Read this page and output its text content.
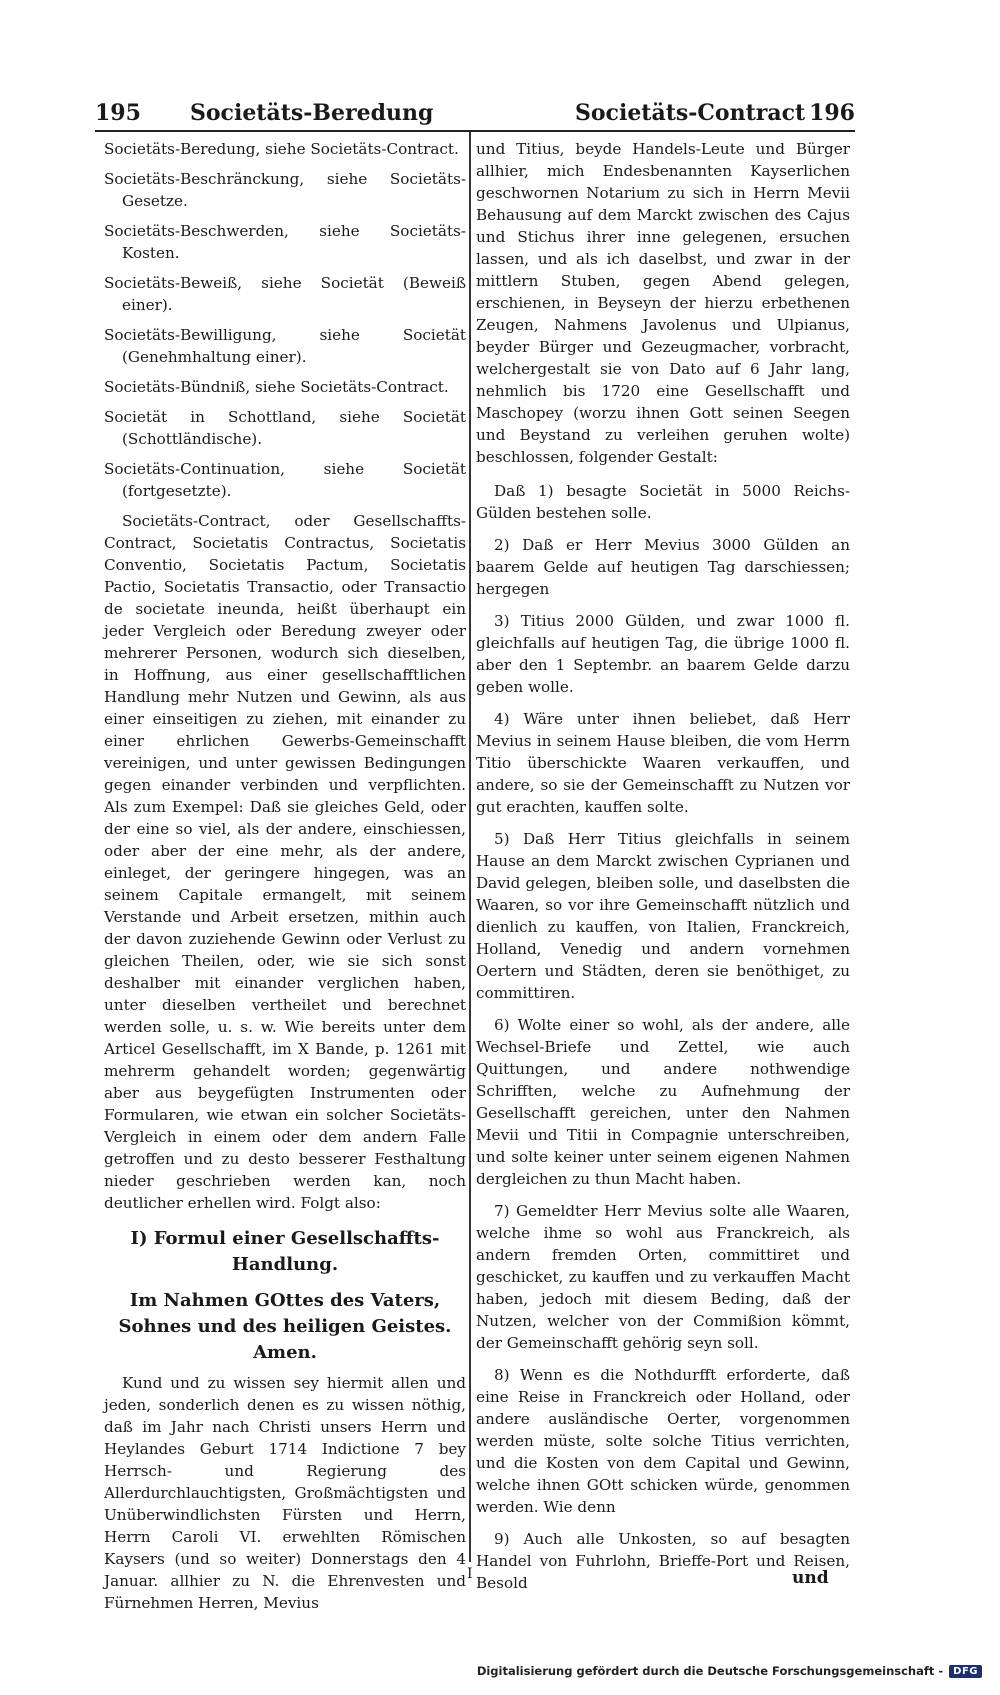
195 Societäts-Beredung	Societäts-Contract 196

Societäts-Beredung, siehe Societäts-Contract.

Societäts-Beschränckung, siehe Societäts-Gesetze.

Societäts-Beschwerden, siehe Societäts-Kosten.

Societäts-Beweiß, siehe Societät (Beweiß einer).

Societäts-Bewilligung, siehe Societät (Genehmhaltung einer).

Societäts-Bündniß, siehe Societäts-Contract.

Societät in Schottland, siehe Societät (Schottländische).

Societäts-Continuation, siehe Societät (fortgesetzte).

Societäts-Contract, oder Gesellschaffts-Contract, Societatis Contractus, Societatis Conventio, Societatis Pactum, Societatis Pactio, Societatis Transactio, oder Transactio de societate ineunda, heißt überhaupt ein jeder Vergleich oder Beredung zweyer oder mehrerer Personen, wodurch sich dieselben, in Hoffnung, aus einer gesellschafftlichen Handlung mehr Nutzen und Gewinn, als aus einer einseitigen zu ziehen, mit einander zu einer ehrlichen Gewerbs-Gemeinschafft vereinigen, und unter gewissen Bedingungen gegen einander verbinden und verpflichten. Als zum Exempel: Daß sie gleiches Geld, oder der eine so viel, als der andere, einschiessen, oder aber der eine mehr, als der andere, einleget, der geringere hingegen, was an seinem Capitale ermangelt, mit seinem Verstande und Arbeit ersetzen, mithin auch der davon zuziehende Gewinn oder Verlust zu gleichen Theilen, oder, wie sie sich sonst deshalber mit einander verglichen haben, unter dieselben vertheilet und berechnet werden solle, u. s. w. Wie bereits unter dem Articel Gesellschafft, im X Bande, p. 1261 mit mehrerm gehandelt worden; gegenwärtig aber aus beygefügten Instrumenten oder Formularen, wie etwan ein solcher Societäts-Vergleich in einem oder dem andern Falle getroffen und zu desto besserer Festhaltung nieder geschrieben werden kan, noch deutlicher erhellen wird. Folgt also:

I) Formul einer Gesellschaffts-Handlung.

Im Nahmen GOttes des Vaters, Sohnes und des heiligen Geistes. Amen.

Kund und zu wissen sey hiermit allen und jeden, sonderlich denen es zu wissen nöthig, daß im Jahr nach Christi unsers Herrn und Heylandes Geburt 1714 Indictione 7 bey Herrsch- und Regierung des Allerdurchlauchtigsten, Großmächtigsten und Unüberwindlichsten Fürsten und Herrn, Herrn Caroli VI. erwehlten Römischen Kaysers (und so weiter) Donnerstags den 4 Januar. allhier zu N. die Ehrenvesten und Fürnehmen Herren, Mevius

und Titius, beyde Handels-Leute und Bürger allhier, mich Endesbenannten Kayserlichen geschwornen Notarium zu sich in Herrn Mevii Behausung auf dem Marckt zwischen des Cajus und Stichus ihrer inne gelegenen, ersuchen lassen, und als ich daselbst, und zwar in der mittlern Stuben, gegen Abend gelegen, erschienen, in Beyseyn der hierzu erbethenen Zeugen, Nahmens Javolenus und Ulpianus, beyder Bürger und Gezeugmacher, vorbracht, welchergestalt sie von Dato auf 6 Jahr lang, nehmlich bis 1720 eine Gesellschafft und Maschopey (worzu ihnen Gott seinen Seegen und Beystand zu verleihen geruhen wolte) beschlossen, folgender Gestalt:

Daß 1) besagte Societät in 5000 Reichs-Gülden bestehen solle.

2) Daß er Herr Mevius 3000 Gülden an baarem Gelde auf heutigen Tag darschiessen; hergegen

3) Titius 2000 Gülden, und zwar 1000 fl. gleichfalls auf heutigen Tag, die übrige 1000 fl. aber den 1 Septembr. an baarem Gelde darzu geben wolle.

4) Wäre unter ihnen beliebet, daß Herr Mevius in seinem Hause bleiben, die vom Herrn Titio überschickte Waaren verkauffen, und andere, so sie der Gemeinschafft zu Nutzen vor gut erachten, kauffen solte.

5) Daß Herr Titius gleichfalls in seinem Hause an dem Marckt zwischen Cyprianen und David gelegen, bleiben solle, und daselbsten die Waaren, so vor ihre Gemeinschafft nützlich und dienlich zu kauffen, von Italien, Franckreich, Holland, Venedig und andern vornehmen Oertern und Städten, deren sie benöthiget, zu committiren.

6) Wolte einer so wohl, als der andere, alle Wechsel-Briefe und Zettel, wie auch Quittungen, und andere nothwendige Schrifften, welche zu Aufnehmung der Gesellschafft gereichen, unter den Nahmen Mevii und Titii in Compagnie unterschreiben, und solte keiner unter seinem eigenen Nahmen dergleichen zu thun Macht haben.

7) Gemeldter Herr Mevius solte alle Waaren, welche ihme so wohl aus Franckreich, als andern fremden Orten, committiret und geschicket, zu kauffen und zu verkauffen Macht haben, jedoch mit diesem Beding, daß der Nutzen, welcher von der Commißion kömmt, der Gemeinschafft gehörig seyn soll.

8) Wenn es die Nothdurfft erforderte, daß eine Reise in Franckreich oder Holland, oder andere ausländische Oerter, vorgenommen werden müste, solte solche Titius verrichten, und die Kosten von dem Capital und Gewinn, welche ihnen GOtt schicken würde, genommen werden. Wie denn

9) Auch alle Unkosten, so auf besagten Handel von Fuhrlohn, Brieffe-Port und Reisen, Besold

I	und
Digitalisierung gefördert durch die Deutsche Forschungsgemeinschaft -	DFG
